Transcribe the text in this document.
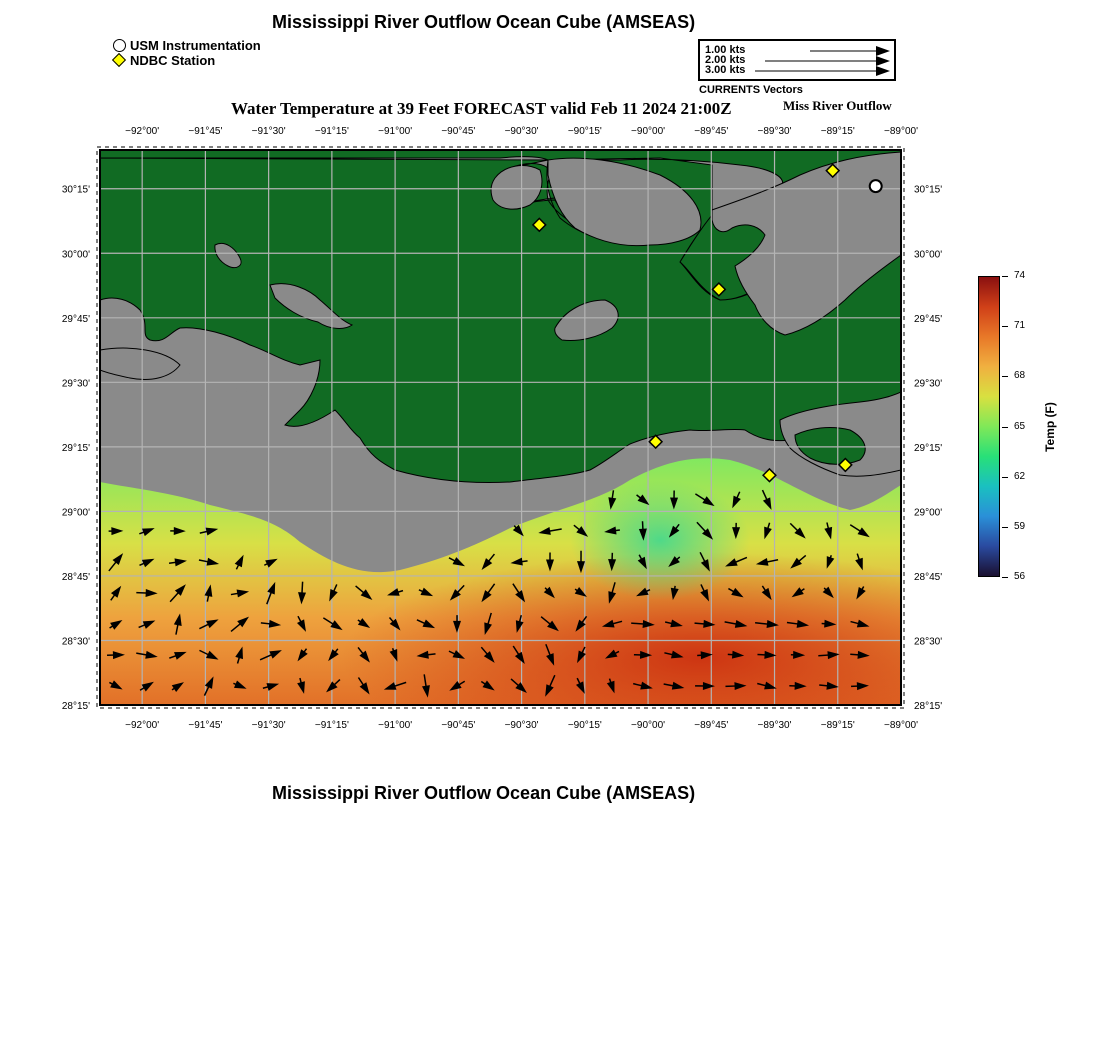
Mississippi River Outflow Ocean Cube (AMSEAS)
Mississippi River Outflow Ocean Cube (AMSEAS)
USM Instrumentation
NDBC Station
1.00 kts
2.00 kts
3.00 kts
CURRENTS Vectors
Water Temperature at 39 Feet FORECAST valid Feb 11 2024 21:00Z	Miss River Outflow
−92°00'	−91°45'	−91°30'	−91°15'	−91°00'	−90°45'	−90°30'	−90°15'	−90°00'	−89°45'	−89°30'	−89°15'	−89°00'
−92°00'	−91°45'	−91°30'	−91°15'	−91°00'	−90°45'	−90°30'	−90°15'	−90°00'	−89°45'	−89°30'	−89°15'	−89°00'
30°15'
30°00'
29°45'
29°30'
29°15'
29°00'
28°45'
28°30'
28°15'
30°15'
30°00'
29°45'
29°30'
29°15'
29°00'
28°45'
28°30'
28°15'
74
71
68
65
62
59
56
Temp (F)
